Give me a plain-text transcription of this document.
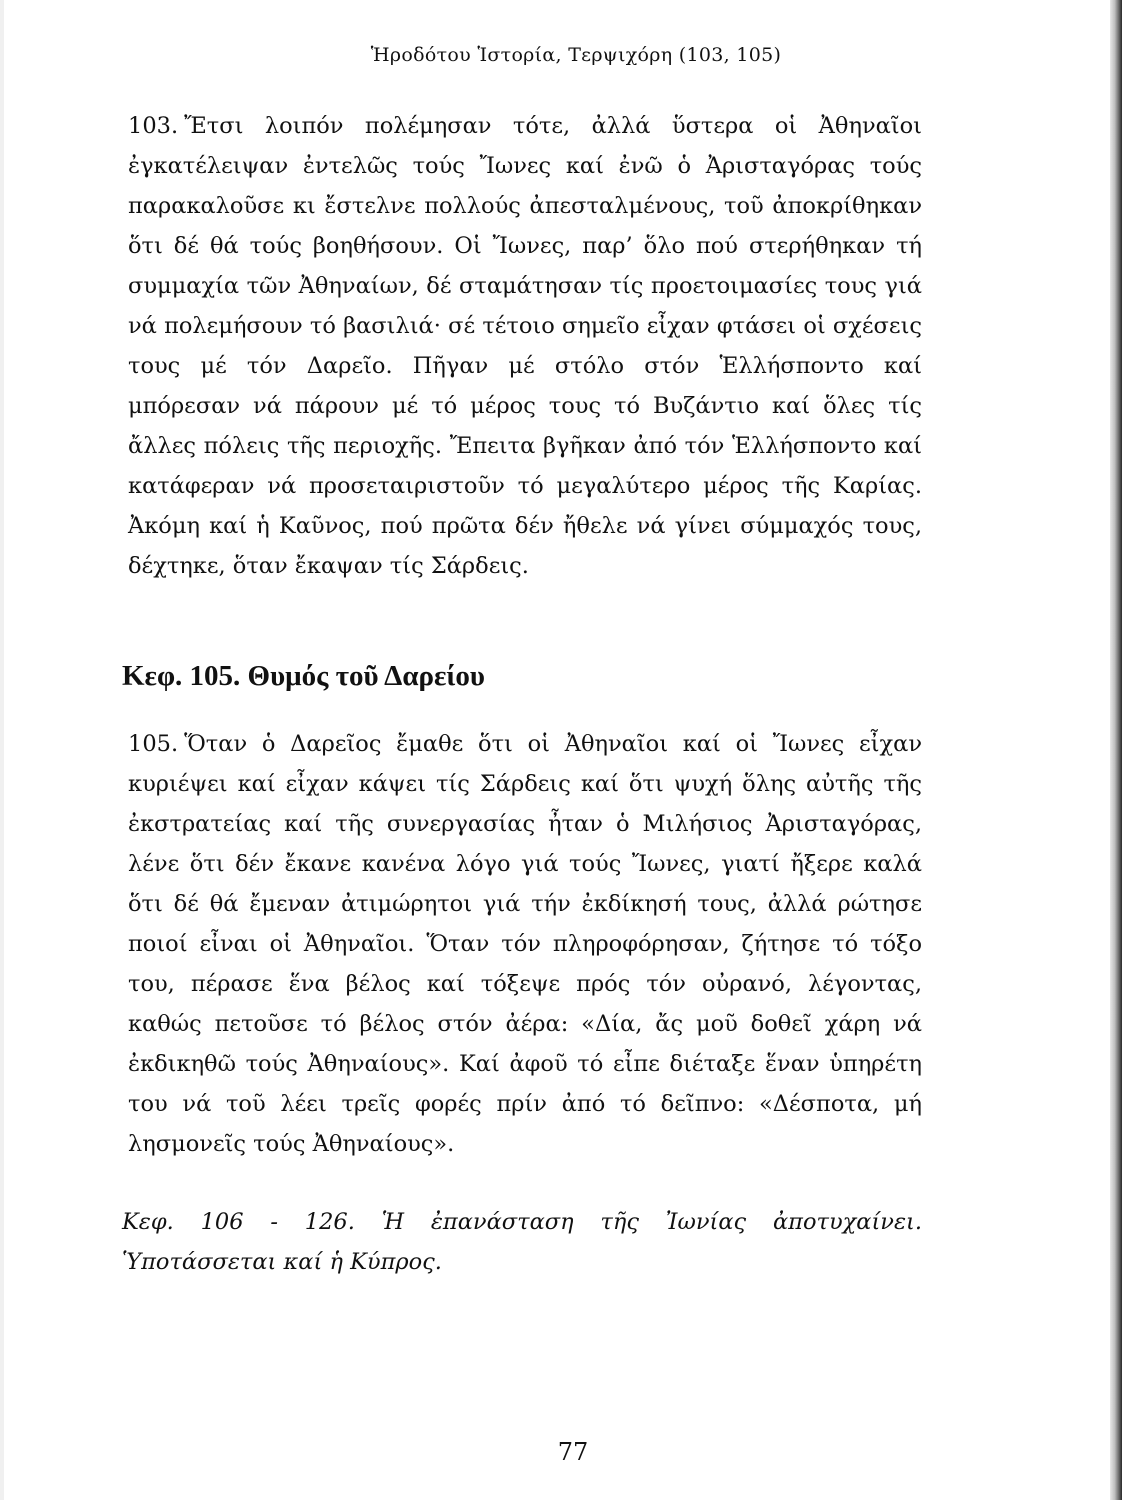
Ἡροδότου Ἱστορία, Τερψιχόρη (103, 105)

103. Ἔτσι λοιπόν πολέμησαν τότε, ἀλλά ὕστερα οἱ Ἀθηναῖοι ἐγκατέλειψαν ἐντελῶς τούς Ἴωνες καί ἐνῶ ὁ Ἀρισταγόρας τούς παρακαλοῦσε κι ἔστελνε πολλούς ἀπεσταλμένους, τοῦ ἀποκρίθηκαν ὅτι δέ θά τούς βοηθήσουν. Οἱ Ἴωνες, παρ’ ὅλο πού στερήθηκαν τή συμμαχία τῶν Ἀθηναίων, δέ σταμάτησαν τίς προετοιμασίες τους γιά νά πολεμήσουν τό βασιλιά· σέ τέτοιο σημεῖο εἶχαν φτάσει οἱ σχέσεις τους μέ τόν Δαρεῖο. Πῆγαν μέ στόλο στόν Ἑλλήσποντο καί μπόρεσαν νά πάρουν μέ τό μέρος τους τό Βυζάντιο καί ὅλες τίς ἄλλες πόλεις τῆς περιοχῆς. Ἔπειτα βγῆκαν ἀπό τόν Ἑλλήσποντο καί κατάφεραν νά προσεταιριστοῦν τό μεγαλύτερο μέρος τῆς Καρίας. Ἀκόμη καί ἡ Καῦνος, πού πρῶτα δέν ἤθελε νά γίνει σύμμαχός τους, δέχτηκε, ὅταν ἔκαψαν τίς Σάρδεις.

Κεφ. 105. Θυμός τοῦ Δαρείου

105. Ὅταν ὁ Δαρεῖος ἔμαθε ὅτι οἱ Ἀθηναῖοι καί οἱ Ἴωνες εἶχαν κυριέψει καί εἶχαν κάψει τίς Σάρδεις καί ὅτι ψυχή ὅλης αὐτῆς τῆς ἐκστρατείας καί τῆς συνεργασίας ἦταν ὁ Μιλήσιος Ἀρισταγόρας, λένε ὅτι δέν ἔκανε κανένα λόγο γιά τούς Ἴωνες, γιατί ἤξερε καλά ὅτι δέ θά ἔμεναν ἀτιμώρητοι γιά τήν ἐκδίκησή τους, ἀλλά ρώτησε ποιοί εἶναι οἱ Ἀθηναῖοι. Ὅταν τόν πληροφόρησαν, ζήτησε τό τόξο του, πέρασε ἕνα βέλος καί τόξεψε πρός τόν οὐρανό, λέγοντας, καθώς πετοῦσε τό βέλος στόν ἀέρα: «Δία, ἄς μοῦ δοθεῖ χάρη νά ἐκδικηθῶ τούς Ἀθηναίους». Καί ἀφοῦ τό εἶπε διέταξε ἕναν ὑπηρέτη του νά τοῦ λέει τρεῖς φορές πρίν ἀπό τό δεῖπνο: «Δέσποτα, μή λησμονεῖς τούς Ἀθηναίους».

Κεφ. 106 - 126. Ἡ ἐπανάσταση τῆς Ἰωνίας ἀποτυχαίνει. Ὑποτάσσεται καί ἡ Κύπρος.

77
